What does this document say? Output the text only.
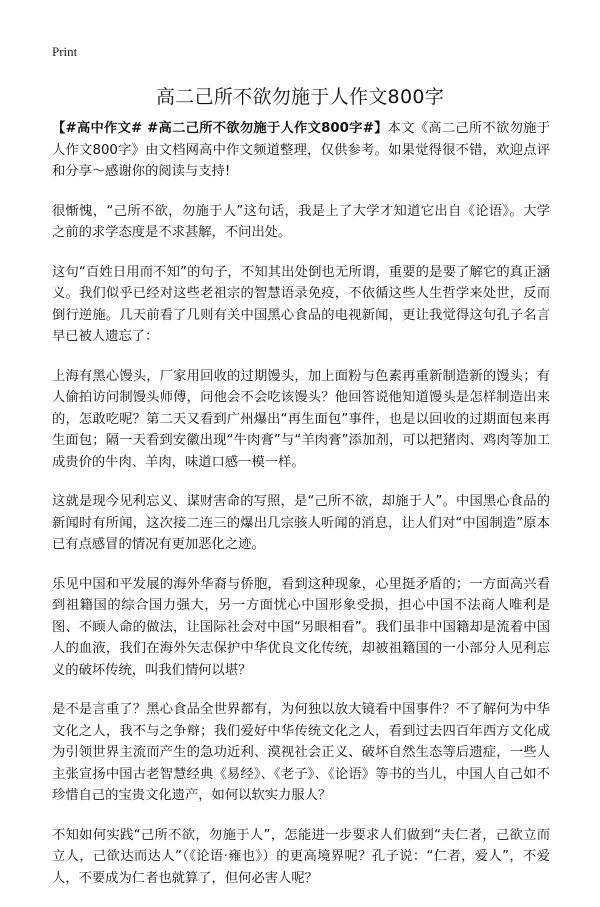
Print
高二己所不欲勿施于人作文800字

【#高中作文# #高二己所不欲勿施于人作文800字#】本文《高二己所不欲勿施于人作文800字》由文档网高中作文频道整理，仅供参考。如果觉得很不错，欢迎点评和分享～感谢你的阅读与支持!

很惭愧，“己所不欲，勿施于人”这句话，我是上了大学才知道它出自《论语》。大学之前的求学态度是不求甚解，不问出处。

这句“百姓日用而不知”的句子，不知其出处倒也无所谓，重要的是要了解它的真正涵义。我们似乎已经对这些老祖宗的智慧语录免疫，不依循这些人生哲学来处世，反而倒行逆施。几天前看了几则有关中国黑心食品的电视新闻，更让我觉得这句孔子名言早已被人遗忘了：

上海有黑心馒头，厂家用回收的过期馒头，加上面粉与色素再重新制造新的馒头；有人偷拍访问制馒头师傅，问他会不会吃该馒头？他回答说他知道馒头是怎样制造出来的，怎敢吃呢？第二天又看到广州爆出“再生面包”事件，也是以回收的过期面包来再生面包；隔一天看到安徽出现“牛肉膏”与“羊肉膏”添加剂，可以把猪肉、鸡肉等加工成贵价的牛肉、羊肉，味道口感一模一样。

这就是现今见利忘义、谋财害命的写照，是“己所不欲，却施于人”。中国黑心食品的新闻时有所闻，这次接二连三的爆出几宗骇人听闻的消息，让人们对“中国制造”原本已有点感冒的情况有更加恶化之迹。

乐见中国和平发展的海外华裔与侨胞，看到这种现象，心里挺矛盾的；一方面高兴看到祖籍国的综合国力强大，另一方面忧心中国形象受损，担心中国不法商人唯利是图、不顾人命的做法，让国际社会对中国“另眼相看”。我们虽非中国籍却是流着中国人的血液，我们在海外矢志保护中华优良文化传统，却被祖籍国的一小部分人见利忘义的破坏传统，叫我们情何以堪？

是不是言重了？黑心食品全世界都有，为何独以放大镜看中国事件？不了解何为中华文化之人，我不与之争辩；我们爱好中华传统文化之人，看到过去四百年西方文化成为引领世界主流而产生的急功近利、漠视社会正义、破坏自然生态等后遗症，一些人主张宣扬中国古老智慧经典《易经》、《老子》、《论语》等书的当儿，中国人自己如不珍惜自己的宝贵文化遗产，如何以软实力服人？

不知如何实践“己所不欲，勿施于人”，怎能进一步要求人们做到“夫仁者，己欲立而立人，己欲达而达人”（《论语·雍也》）的更高境界呢？孔子说：“仁者，爱人”，不爱人，不要成为仁者也就算了，但何必害人呢？
